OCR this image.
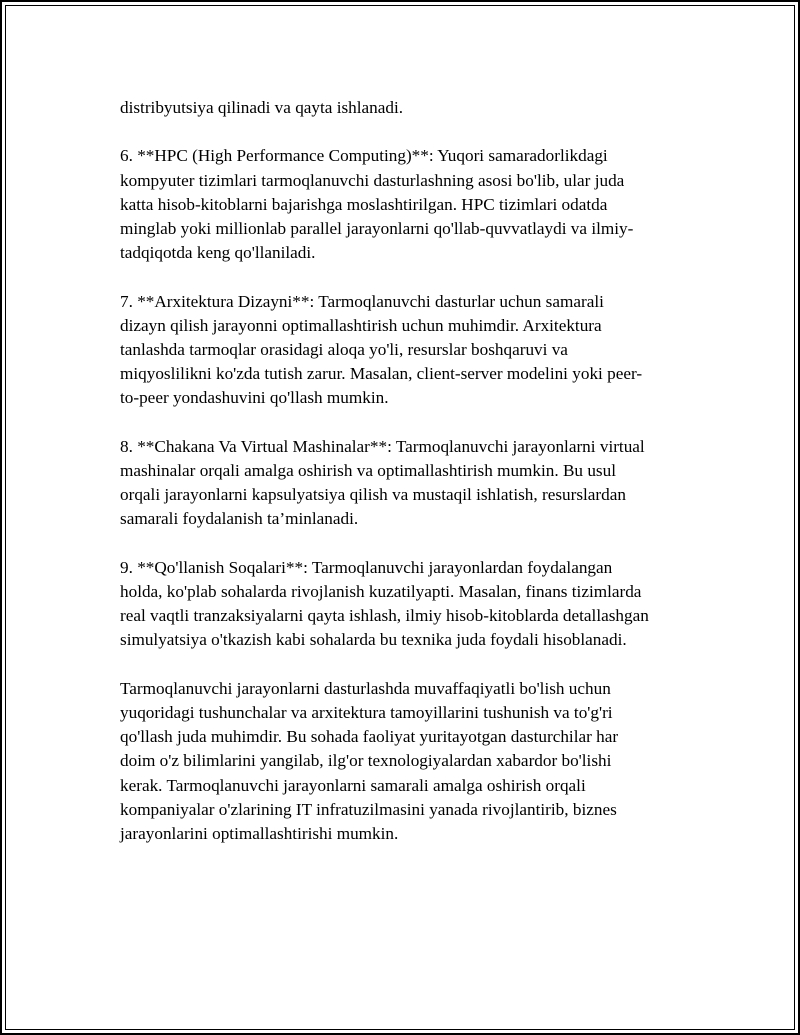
distribyutsiya qilinadi va qayta ishlanadi.

6. **HPC (High Performance Computing)**: Yuqori samaradorlikdagi
kompyuter tizimlari tarmoqlanuvchi dasturlashning asosi bo'lib, ular juda
katta hisob-kitoblarni bajarishga moslashtirilgan. HPC tizimlari odatda
minglab yoki millionlab parallel jarayonlarni qo'llab-quvvatlaydi va ilmiy-
tadqiqotda keng qo'llaniladi.

7. **Arxitektura Dizayni**: Tarmoqlanuvchi dasturlar uchun samarali
dizayn qilish jarayonni optimallashtirish uchun muhimdir. Arxitektura
tanlashda tarmoqlar orasidagi aloqa yo'li, resurslar boshqaruvi va
miqyoslilikni ko'zda tutish zarur. Masalan, client-server modelini yoki peer-
to-peer yondashuvini qo'llash mumkin.

8. **Chakana Va Virtual Mashinalar**: Tarmoqlanuvchi jarayonlarni virtual
mashinalar orqali amalga oshirish va optimallashtirish mumkin. Bu usul
orqali jarayonlarni kapsulyatsiya qilish va mustaqil ishlatish, resurslardan
samarali foydalanish ta’minlanadi.

9. **Qo'llanish Soqalari**: Tarmoqlanuvchi jarayonlardan foydalangan
holda, ko'plab sohalarda rivojlanish kuzatilyapti. Masalan, finans tizimlarda
real vaqtli tranzaksiyalarni qayta ishlash, ilmiy hisob-kitoblarda detallashgan
simulyatsiya o'tkazish kabi sohalarda bu texnika juda foydali hisoblanadi.

Tarmoqlanuvchi jarayonlarni dasturlashda muvaffaqiyatli bo'lish uchun
yuqoridagi tushunchalar va arxitektura tamoyillarini tushunish va to'g'ri
qo'llash juda muhimdir. Bu sohada faoliyat yuritayotgan dasturchilar har
doim o'z bilimlarini yangilab, ilg'or texnologiyalardan xabardor bo'lishi
kerak. Tarmoqlanuvchi jarayonlarni samarali amalga oshirish orqali
kompaniyalar o'zlarining IT infratuzilmasini yanada rivojlantirib, biznes
jarayonlarini optimallashtirishi mumkin.
